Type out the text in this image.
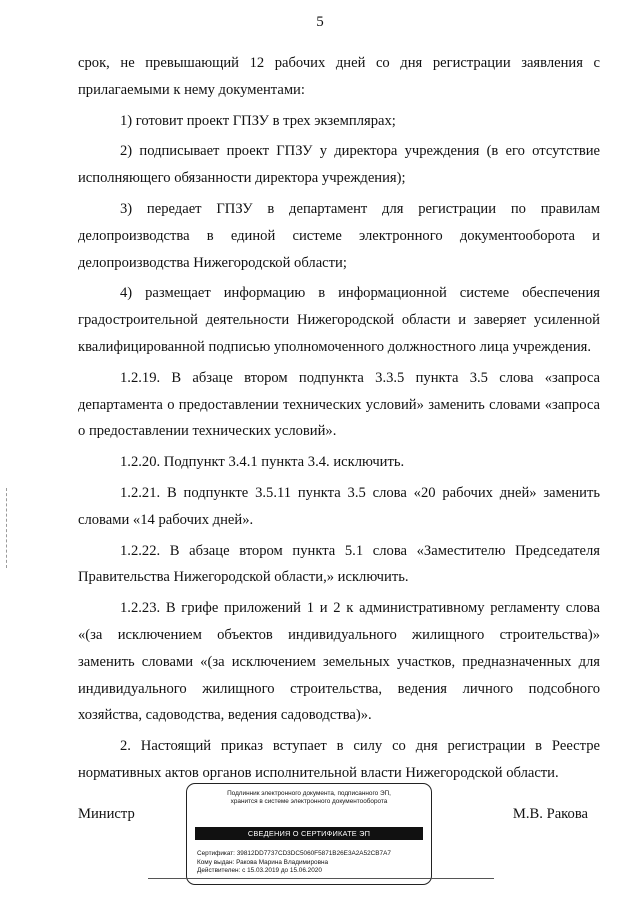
5

срок, не превышающий 12 рабочих дней со дня регистрации заявления с прилагаемыми к нему документами:

1) готовит проект ГПЗУ в трех экземплярах;

2) подписывает проект ГПЗУ у директора учреждения (в его отсутствие исполняющего обязанности директора учреждения);

3) передает ГПЗУ в департамент для регистрации по правилам делопроизводства в единой системе электронного документооборота и делопроизводства Нижегородской области;

4) размещает информацию в информационной системе обеспечения градостроительной деятельности Нижегородской области и заверяет усиленной квалифицированной подписью уполномоченного должностного лица учреждения.

1.2.19. В абзаце втором подпункта 3.3.5 пункта 3.5 слова «запроса департамента о предоставлении технических условий» заменить словами «запроса о предоставлении технических условий».

1.2.20. Подпункт 3.4.1 пункта 3.4. исключить.

1.2.21. В подпункте 3.5.11 пункта 3.5 слова «20 рабочих дней» заменить словами «14 рабочих дней».

1.2.22. В абзаце втором пункта 5.1 слова «Заместителю Председателя Правительства Нижегородской области,» исключить.

1.2.23. В грифе приложений 1 и 2 к административному регламенту слова «(за исключением объектов индивидуального жилищного строительства)» заменить словами «(за исключением земельных участков, предназначенных для индивидуального жилищного строительства, ведения личного подсобного хозяйства, садоводства, ведения садоводства)».

2. Настоящий приказ вступает в силу со дня регистрации в Реестре нормативных актов органов исполнительной власти Нижегородской области.

Министр	М.В. Ракова
Подлинник электронного документа, подписанного ЭП,
хранится в системе электронного документооборота
СВЕДЕНИЯ О СЕРТИФИКАТЕ ЭП
Сертификат: 39812DD7737CD3DC5060F5871B26E3A2A52CB7A7
Кому выдан: Ракова Марина Владимировна
Действителен: с 15.03.2019 до 15.06.2020
